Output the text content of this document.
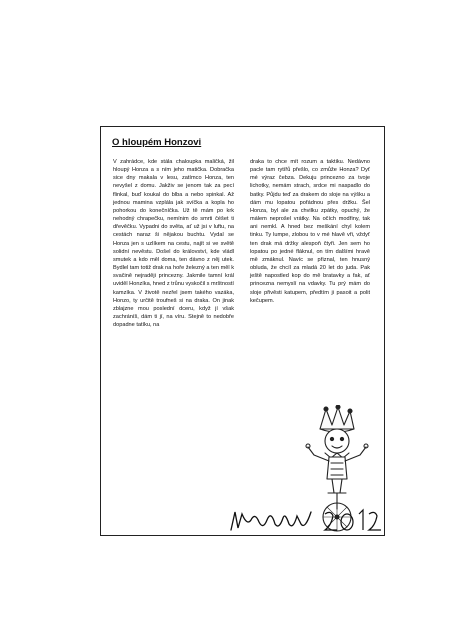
O hloupém Honzovi

V zahrádce, kde stála chaloupka maličká, žil hloupý Honza a s ním jeho matička. Dobračka sice dny makala v lesu, zatímco Honza, ten nevyšel z domu. Jakživ se jenom tak za pecí flinkal, buď koukal do blba a nebo spinkal. Až jednou mamina vzplála jak svíčka a kopla ho pohorkou do konečníčka. Už tě mám po krk nehodný chrapečku, nemínim do smrti čéšet ti dřevěčku. Vypadni do světa, ať už jsi v luftu, na cestách naraz ši nějakou buchtu. Vydal se Honza jen s uzlíkem na cestu, najít si ve světě solidní nevěstu. Došel do království, kde vládl smutek a kdo měl doma, ten dávno z něj utek. Bydlel tam totiž drak na hoře železný a ten měl k svačině nejraději princezny. Jakmile tamní král uviděl Honzíka, hned z trůnu vyskočil s mrštností kamzíka. V životě nezřel jsem takého vazáka, Honzo, ty určitě troufneš si na draka. On jinak zblajzne mou poslední dceru, když jí však zachráníš, dám ti jí, na víru. Stejně to nedobře dopadne tatíku, na

draka to chce mít rozum a taktiku. Nedávno pacle tam rytířů přešlo, co zmůže Honza? Dyť mé výraz čebza. Dekuju princezno za tvoje lichotky, nemám strach, srdce mi naspadlo do batky. Půjdu teď za drakem do sloje na výšku a dám mu lopatou pořádnou přes držku. Šel Honza, byl ale za chvilku zpátky, opuchý, že málem neprošel vrátky. Na očích modřiny, tak ani nemkl. A hned bez meškání chyl kolem tinku. Ty lumpe, zlobou to v mé hlavě vři, vždyť ten drak má držky alespoň čtyři. Jen sem ho lopatou po jedné fláknul, on tím dalšími hravě mě zmáknul. Navíc se přiznal, ten hnusný obluda, že chcíl za mladá 20 let do juda. Pak ještě napostled kop do mě bratavky a fak, ať princezna nemyslí na vdavky. Tu prý mám do sloje přivěsti katupem, předtím ji pasoit a polit kečupem.
